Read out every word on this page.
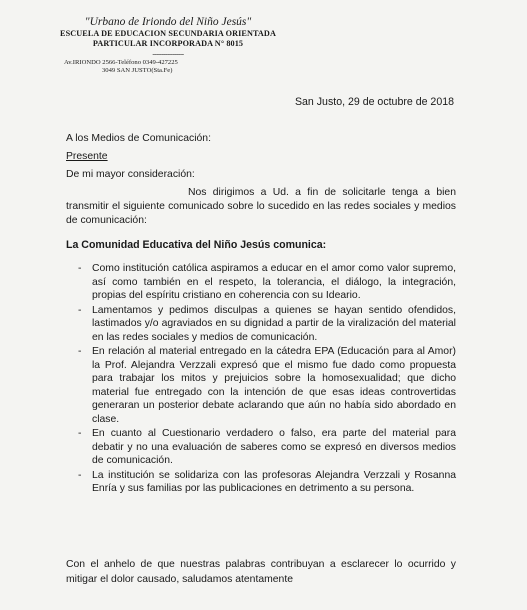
"Urbano de Iriondo del Niño Jesús"
ESCUELA DE EDUCACION SECUNDARIA ORIENTADA
PARTICULAR INCORPORADA N° 8015
-----------------
Av.IRIONDO 2566-Teléfono 0349-427225
3049 SAN JUSTO(Sta.Fe)
San Justo, 29 de octubre de 2018
A los Medios de Comunicación:
Presente
De mi mayor consideración:
Nos dirigimos a Ud. a fin de solicitarle tenga a bien transmitir el siguiente comunicado sobre lo sucedido en las redes sociales y medios de comunicación:
La Comunidad Educativa del Niño Jesús comunica:
- Como institución católica aspiramos a educar en el amor como valor supremo, así como también en el respeto, la tolerancia, el diálogo, la integración, propias del espíritu cristiano en coherencia con su Ideario.
- Lamentamos y pedimos disculpas a quienes se hayan sentido ofendidos, lastimados y/o agraviados en su dignidad a partir de la viralización del material en las redes sociales y medios de comunicación.
- En relación al material entregado en la cátedra EPA (Educación para al Amor) la Prof. Alejandra Verzzali expresó que el mismo fue dado como propuesta para trabajar los mitos y prejuicios sobre la homosexualidad; que dicho material fue entregado con la intención de que esas ideas controvertidas generaran un posterior debate aclarando que aún no había sido abordado en clase.
- En cuanto al Cuestionario verdadero o falso, era parte del material para debatir y no una evaluación de saberes como se expresó en diversos medios de comunicación.
- La institución se solidariza con las profesoras Alejandra Verzzali y Rosanna Enría y sus familias por las publicaciones en detrimento a su persona.
Con el anhelo de que nuestras palabras contribuyan a esclarecer lo ocurrido y mitigar el dolor causado, saludamos atentamente
